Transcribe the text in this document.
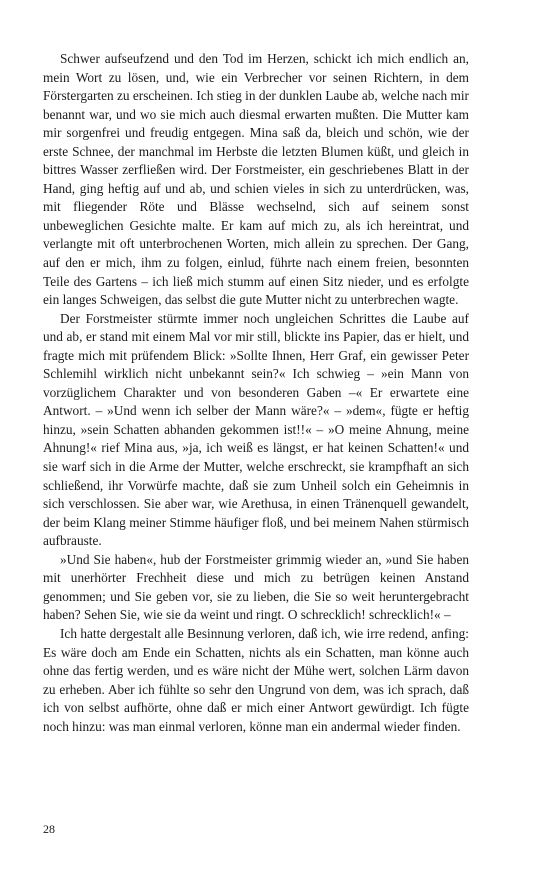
Schwer aufseufzend und den Tod im Herzen, schickt ich mich endlich an, mein Wort zu lösen, und, wie ein Verbrecher vor seinen Richtern, in dem Förstergarten zu erscheinen. Ich stieg in der dunklen Laube ab, welche nach mir benannt war, und wo sie mich auch diesmal erwarten mußten. Die Mutter kam mir sorgenfrei und freudig entgegen. Mina saß da, bleich und schön, wie der erste Schnee, der manchmal im Herbste die letzten Blumen küßt, und gleich in bittres Wasser zerfließen wird. Der Forstmeister, ein geschriebenes Blatt in der Hand, ging heftig auf und ab, und schien vieles in sich zu unterdrücken, was, mit fliegender Röte und Blässe wechselnd, sich auf seinem sonst unbeweglichen Gesichte malte. Er kam auf mich zu, als ich hereintrat, und verlangte mit oft unterbrochenen Worten, mich allein zu sprechen. Der Gang, auf den er mich, ihm zu folgen, einlud, führte nach einem freien, besonnten Teile des Gartens – ich ließ mich stumm auf einen Sitz nieder, und es erfolgte ein langes Schweigen, das selbst die gute Mutter nicht zu unterbrechen wagte.

Der Forstmeister stürmte immer noch ungleichen Schrittes die Laube auf und ab, er stand mit einem Mal vor mir still, blickte ins Papier, das er hielt, und fragte mich mit prüfendem Blick: »Sollte Ihnen, Herr Graf, ein gewisser Peter Schlemihl wirklich nicht unbekannt sein?« Ich schwieg – »ein Mann von vorzüglichem Charakter und von besonderen Gaben –« Er erwartete eine Antwort. – »Und wenn ich selber der Mann wäre?« – »dem«, fügte er heftig hinzu, »sein Schatten abhanden gekommen ist!!« – »O meine Ahnung, meine Ahnung!« rief Mina aus, »ja, ich weiß es längst, er hat keinen Schatten!« und sie warf sich in die Arme der Mutter, welche erschreckt, sie krampfhaft an sich schließend, ihr Vorwürfe machte, daß sie zum Unheil solch ein Geheimnis in sich verschlossen. Sie aber war, wie Arethusa, in einen Tränenquell gewandelt, der beim Klang meiner Stimme häufiger floß, und bei meinem Nahen stürmisch aufbrauste.

»Und Sie haben«, hub der Forstmeister grimmig wieder an, »und Sie haben mit unerhörter Frechheit diese und mich zu betrügen keinen Anstand genommen; und Sie geben vor, sie zu lieben, die Sie so weit heruntergebracht haben? Sehen Sie, wie sie da weint und ringt. O schrecklich! schrecklich!« –

Ich hatte dergestalt alle Besinnung verloren, daß ich, wie irre redend, anfing: Es wäre doch am Ende ein Schatten, nichts als ein Schatten, man könne auch ohne das fertig werden, und es wäre nicht der Mühe wert, solchen Lärm davon zu erheben. Aber ich fühlte so sehr den Ungrund von dem, was ich sprach, daß ich von selbst aufhörte, ohne daß er mich einer Antwort gewürdigt. Ich fügte noch hinzu: was man einmal verloren, könne man ein andermal wieder finden.

28
